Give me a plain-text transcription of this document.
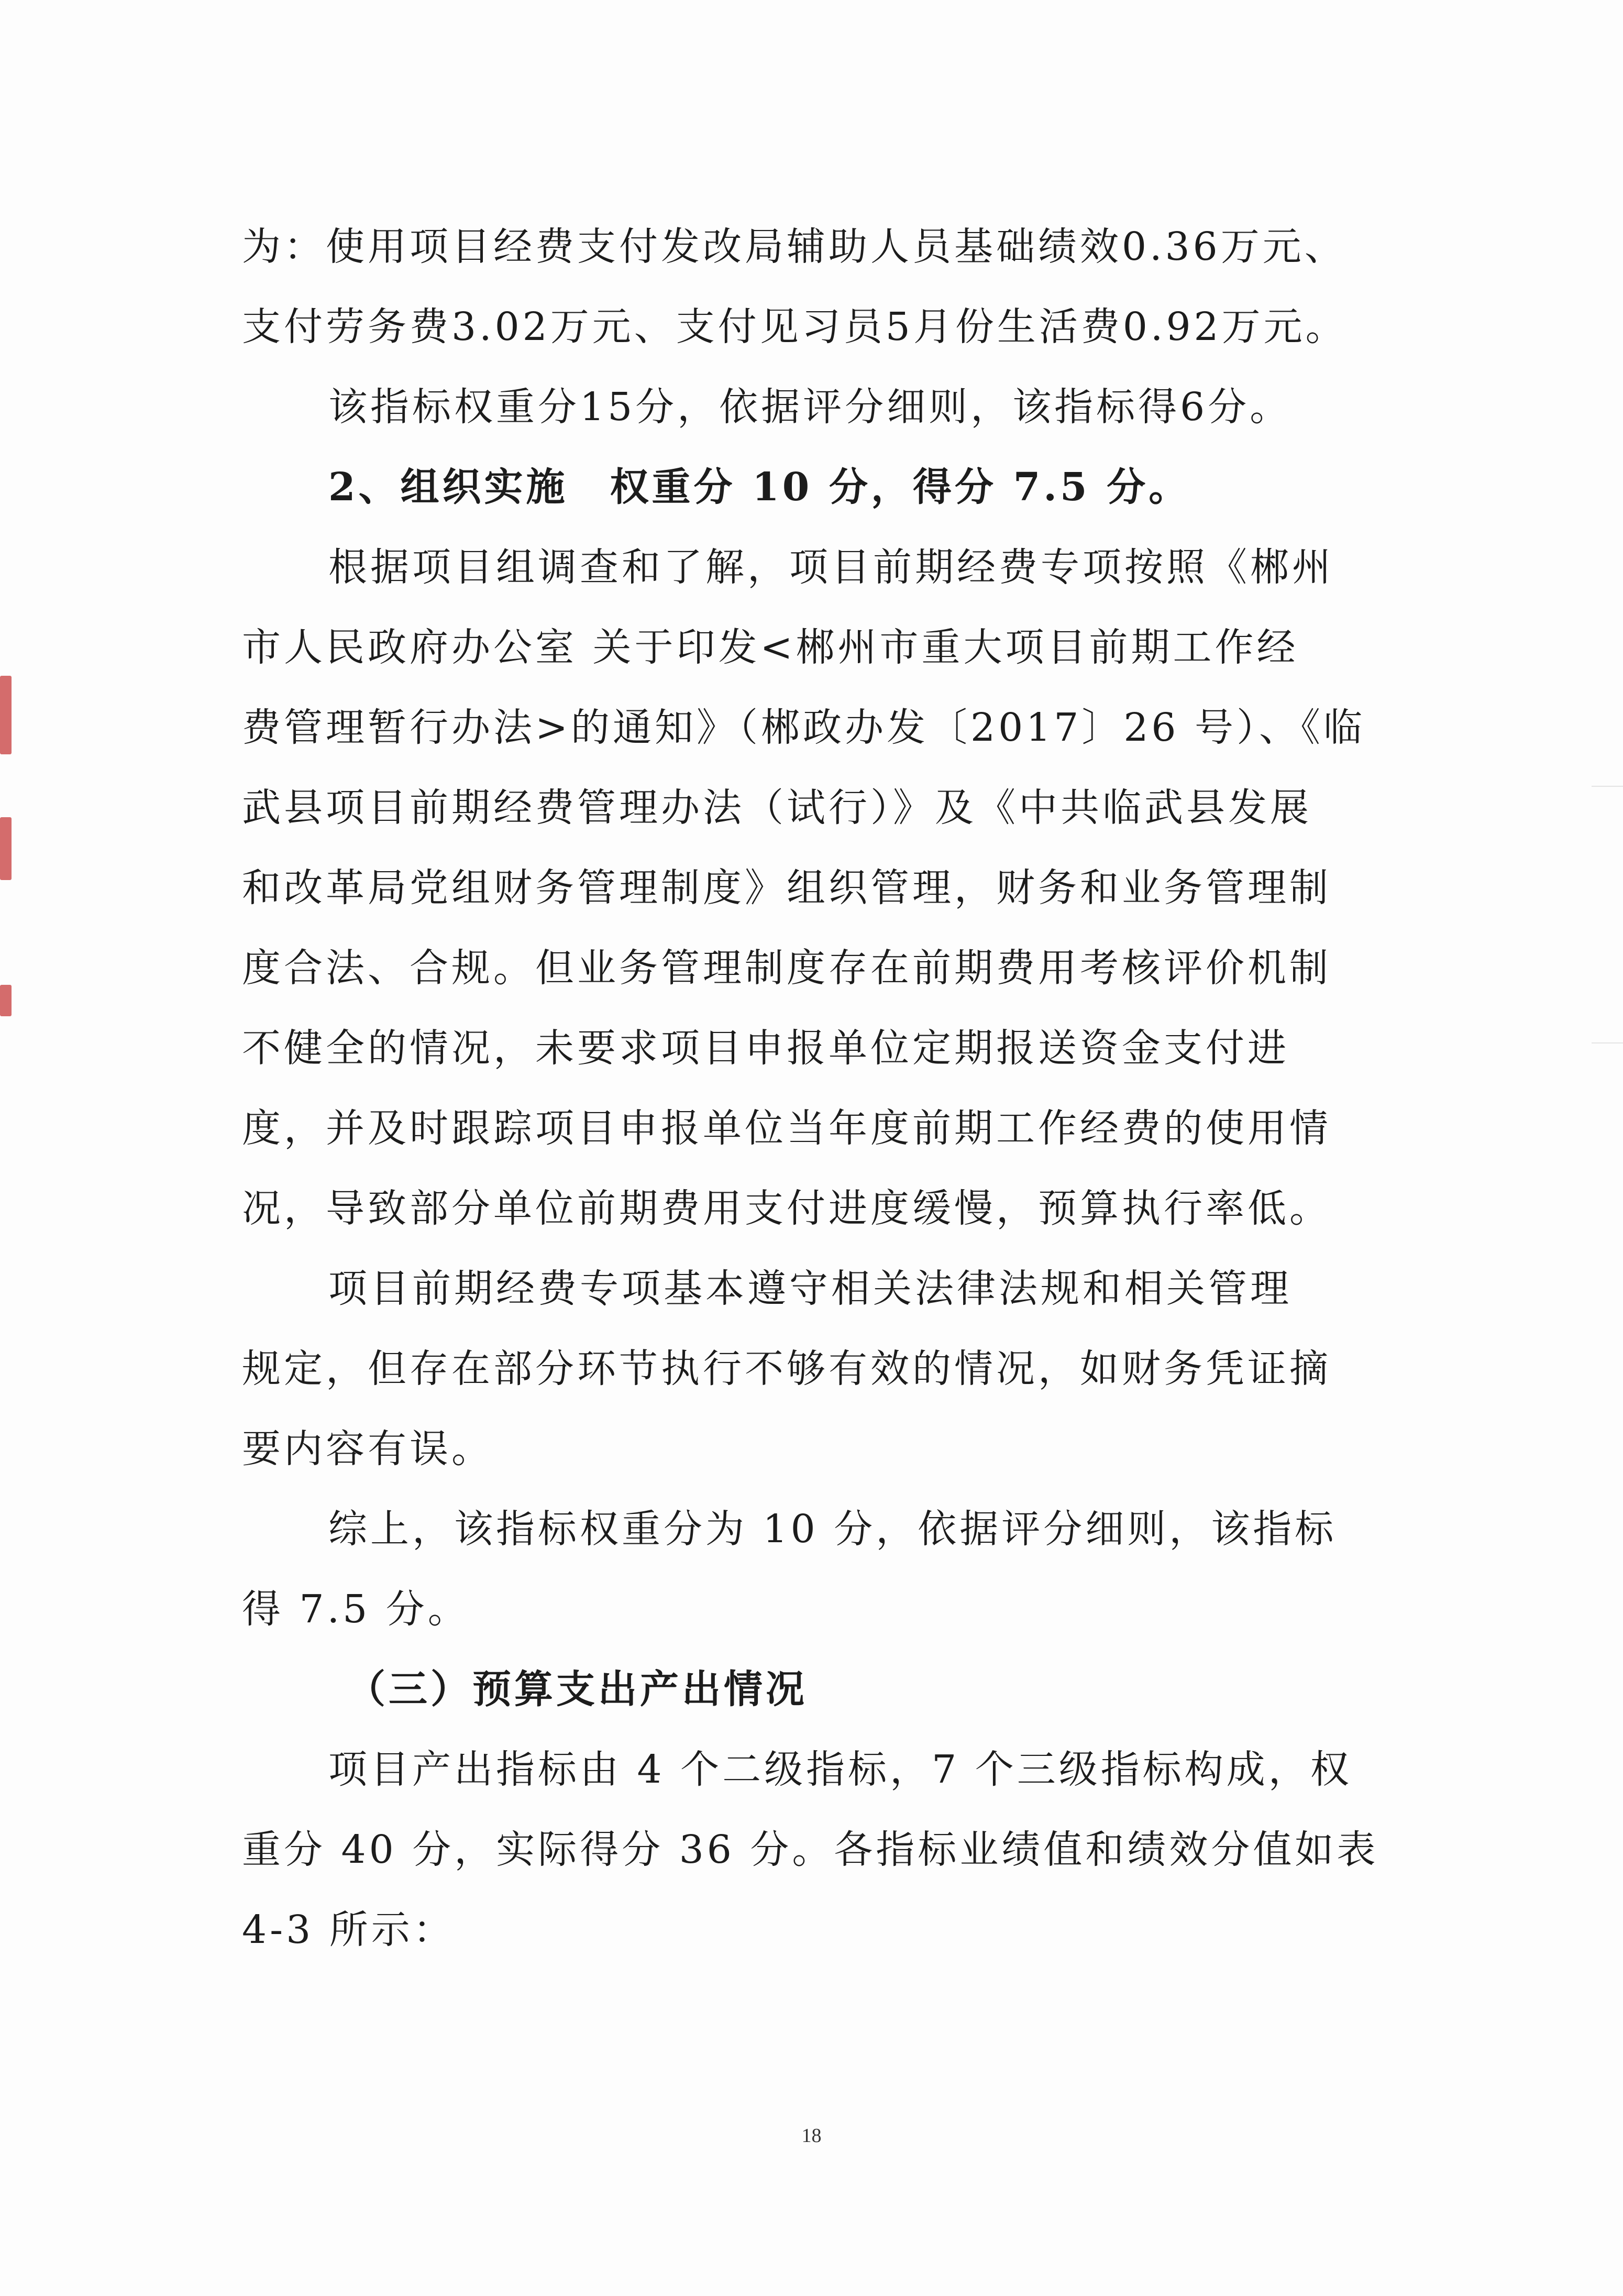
为：使用项目经费支付发改局辅助人员基础绩效0.36万元、
支付劳务费3.02万元、支付见习员5月份生活费0.92万元。
该指标权重分15分，依据评分细则，该指标得6分。
2、组织实施　权重分 10 分，得分 7.5 分。
根据项目组调查和了解，项目前期经费专项按照《郴州
市人民政府办公室 关于印发<郴州市重大项目前期工作经
费管理暂行办法>的通知》（郴政办发〔2017〕26 号）、《临
武县项目前期经费管理办法（试行）》及《中共临武县发展
和改革局党组财务管理制度》组织管理，财务和业务管理制
度合法、合规。但业务管理制度存在前期费用考核评价机制
不健全的情况，未要求项目申报单位定期报送资金支付进
度，并及时跟踪项目申报单位当年度前期工作经费的使用情
况，导致部分单位前期费用支付进度缓慢，预算执行率低。
项目前期经费专项基本遵守相关法律法规和相关管理
规定，但存在部分环节执行不够有效的情况，如财务凭证摘
要内容有误。
综上，该指标权重分为 10 分，依据评分细则，该指标
得 7.5 分。
（三）预算支出产出情况
项目产出指标由 4 个二级指标，7 个三级指标构成，权
重分 40 分，实际得分 36 分。各指标业绩值和绩效分值如表
4-3 所示：
18
